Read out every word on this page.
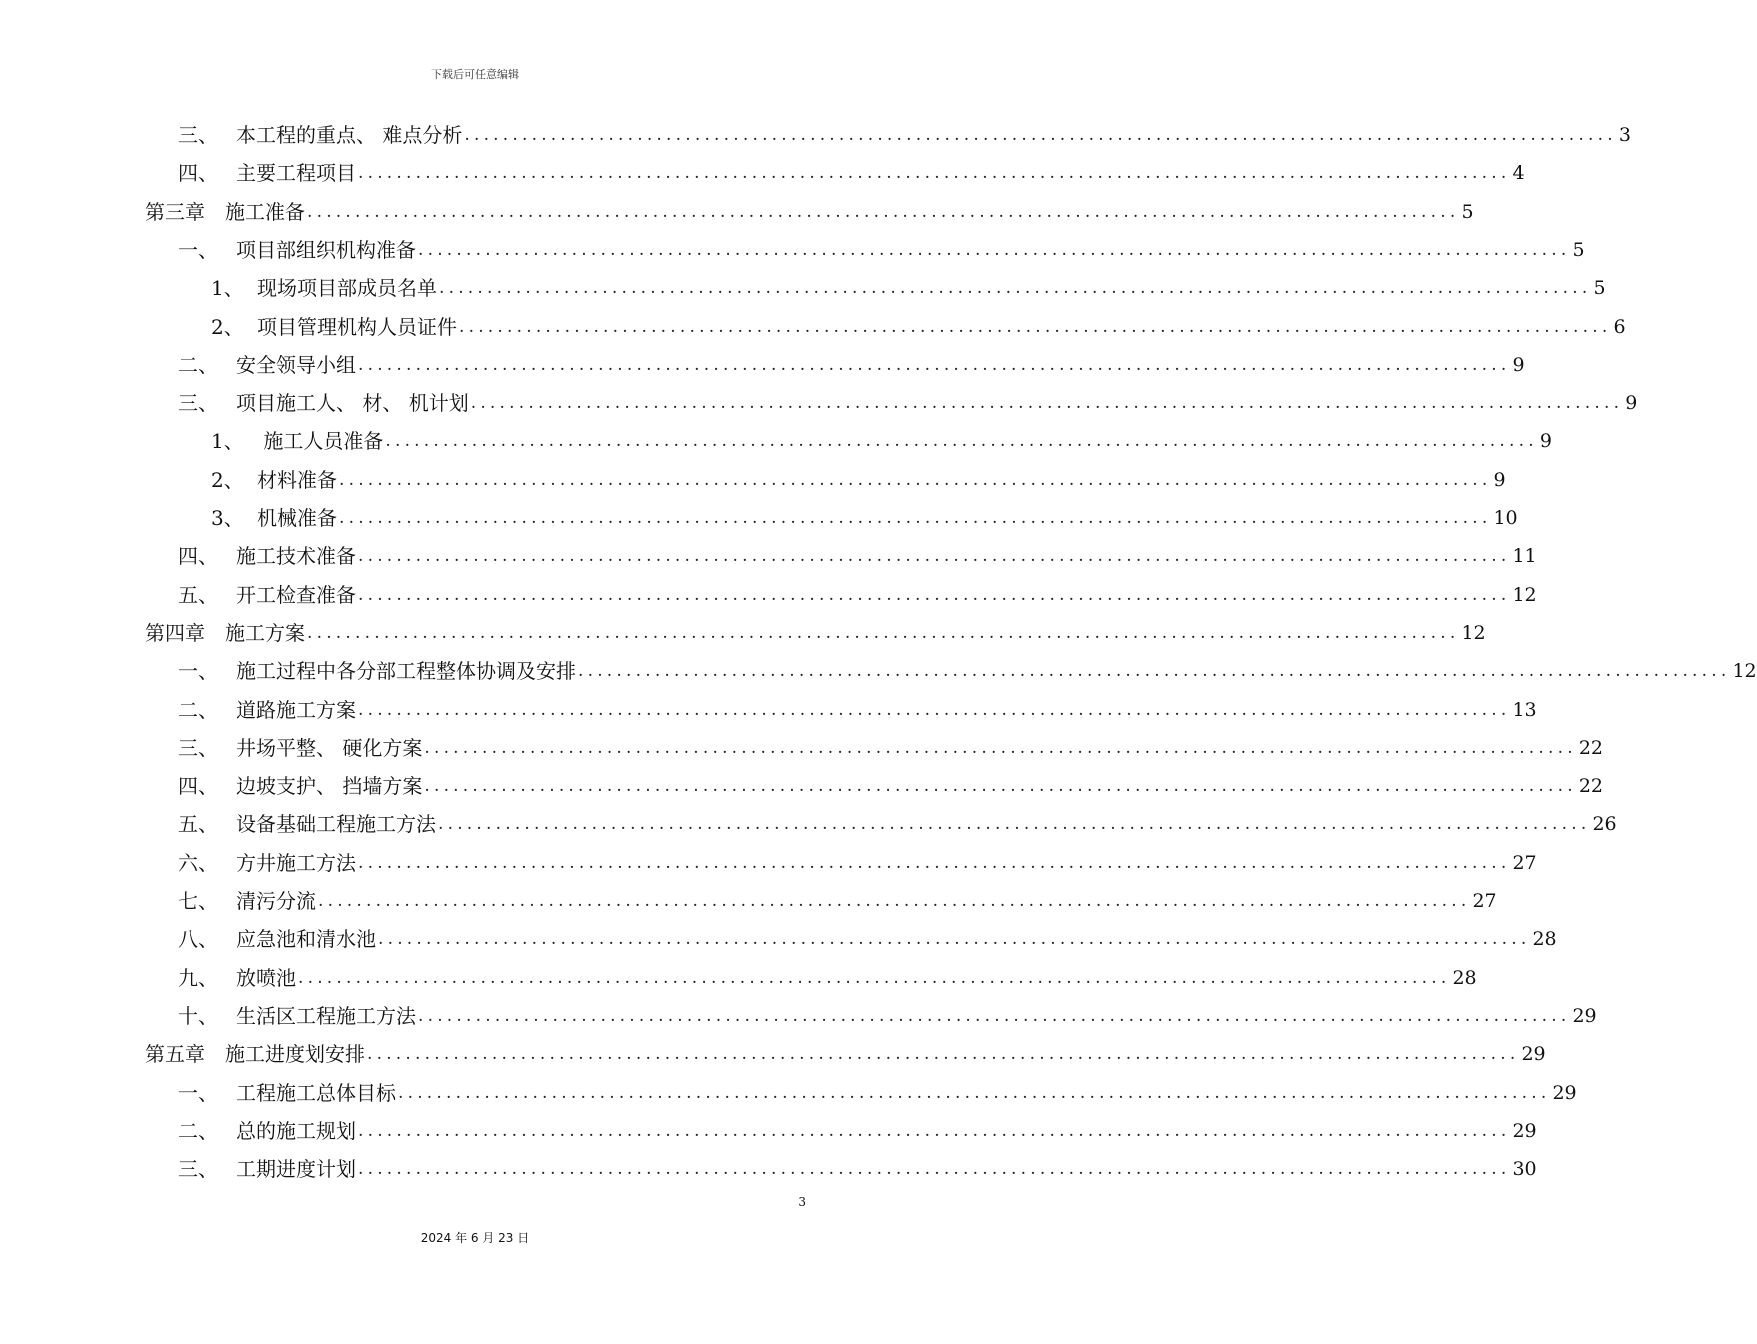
下载后可任意编辑
三、 本工程的重点、 难点分析 ........................................................................................................................ 3
四、 主要工程项目 ........................................................................................................................ 4
第三章	施工准备 ........................................................................................................................ 5
一、 项目部组织机构准备 ........................................................................................................................ 5
1、 现场项目部成员名单 ........................................................................................................................ 5
2、 项目管理机构人员证件 ........................................................................................................................ 6
二、 安全领导小组 ........................................................................................................................ 9
三、 项目施工人、 材、 机计划 ........................................................................................................................ 9
1、 施工人员准备 ........................................................................................................................ 9
2、 材料准备 ........................................................................................................................ 9
3、 机械准备 ........................................................................................................................ 10
四、 施工技术准备 ........................................................................................................................ 11
五、 开工检查准备 ........................................................................................................................ 12
第四章	施工方案 ........................................................................................................................ 12
一、 施工过程中各分部工程整体协调及安排 ........................................................................................................................ 12
二、 道路施工方案 ........................................................................................................................ 13
三、 井场平整、 硬化方案 ........................................................................................................................ 22
四、 边坡支护、 挡墙方案 ........................................................................................................................ 22
五、 设备基础工程施工方法 ........................................................................................................................ 26
六、 方井施工方法 ........................................................................................................................ 27
七、 清污分流 ........................................................................................................................ 27
八、 应急池和清水池 ........................................................................................................................ 28
九、 放喷池 ........................................................................................................................ 28
十、 生活区工程施工方法 ........................................................................................................................ 29
第五章	施工进度划安排 ........................................................................................................................ 29
一、 工程施工总体目标 ........................................................................................................................ 29
二、 总的施工规划 ........................................................................................................................ 29
三、 工期进度计划 ........................................................................................................................ 30
3
2024 年 6 月 23 日
